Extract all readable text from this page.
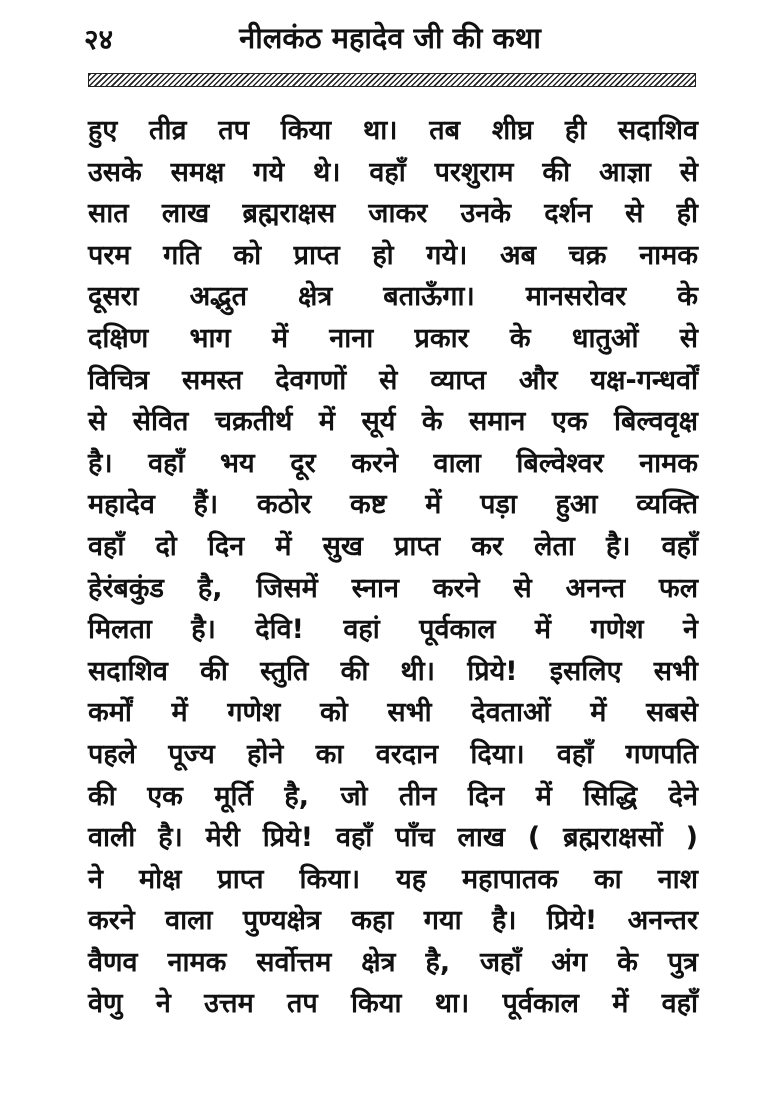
२४	नीलकंठ महादेव जी की कथा
हुए तीव्र तप किया था। तब शीघ्र ही सदाशिव
उसके समक्ष गये थे। वहाँ परशुराम की आज्ञा से
सात लाख ब्रह्मराक्षस जाकर उनके दर्शन से ही
परम गति को प्राप्त हो गये। अब चक्र नामक
दूसरा अद्भुत क्षेत्र बताऊँगा। मानसरोवर के
दक्षिण भाग में नाना प्रकार के धातुओं से
विचित्र समस्त देवगणों से व्याप्त और यक्ष-गन्धर्वों
से सेवित चक्रतीर्थ में सूर्य के समान एक बिल्ववृक्ष
है। वहाँ भय दूर करने वाला बिल्वेश्वर नामक
महादेव हैं। कठोर कष्ट में पड़ा हुआ व्यक्ति
वहाँ दो दिन में सुख प्राप्त कर लेता है। वहाँ
हेरंबकुंड है, जिसमें स्नान करने से अनन्त फल
मिलता है। देवि! वहां पूर्वकाल में गणेश ने
सदाशिव की स्तुति की थी। प्रिये! इसलिए सभी
कर्मों में गणेश को सभी देवताओं में सबसे
पहले पूज्य होने का वरदान दिया। वहाँ गणपति
की एक मूर्ति है, जो तीन दिन में सिद्धि देने
वाली है। मेरी प्रिये! वहाँ पाँच लाख ( ब्रह्मराक्षसों )
ने मोक्ष प्राप्त किया। यह महापातक का नाश
करने वाला पुण्यक्षेत्र कहा गया है। प्रिये! अनन्तर
वैणव नामक सर्वोत्तम क्षेत्र है, जहाँ अंग के पुत्र
वेणु ने उत्तम तप किया था। पूर्वकाल में वहाँ
